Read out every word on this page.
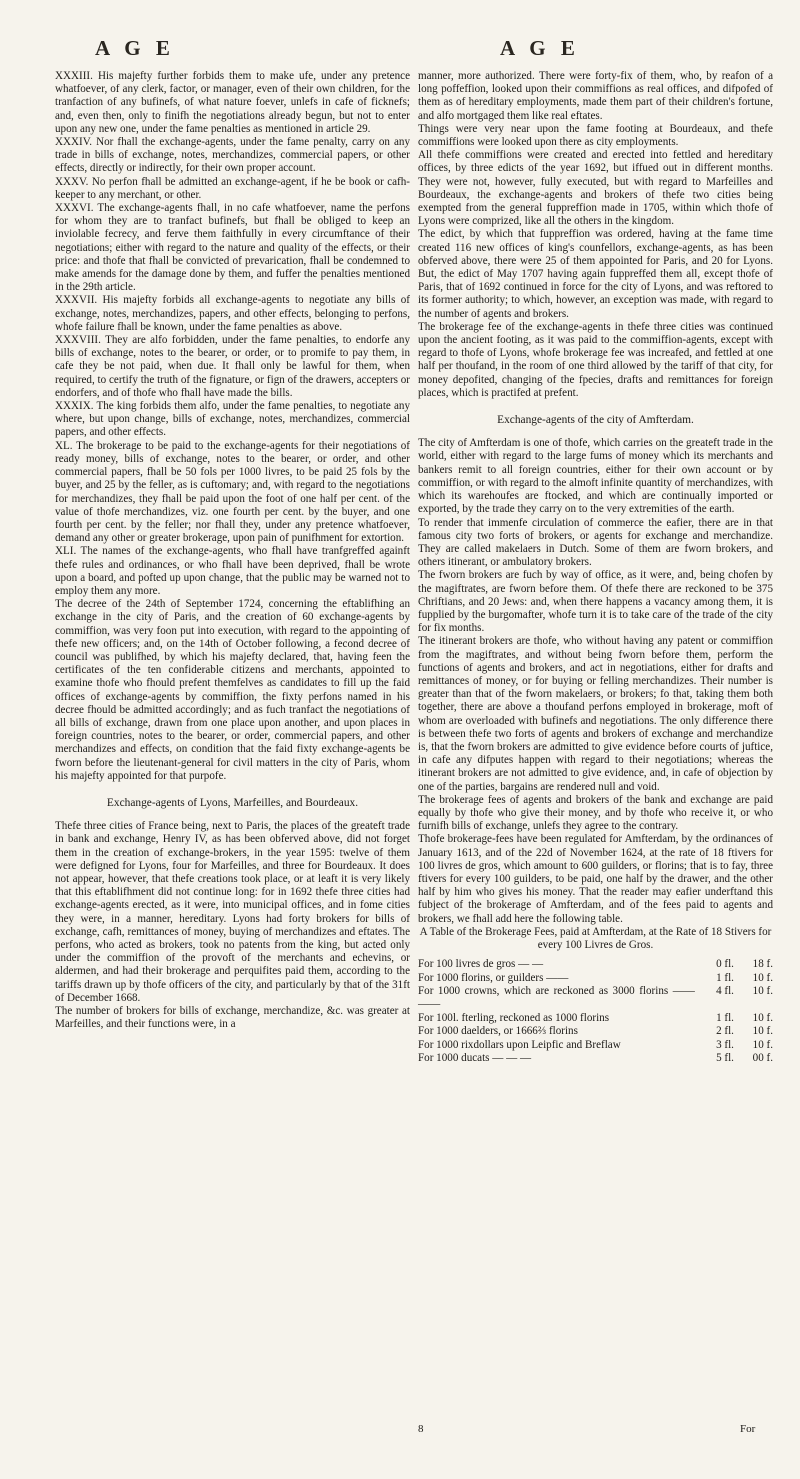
A G E	A G E

XXXIII. His majefty further forbids them to make ufe, under any pretence whatfoever, of any clerk, factor, or manager, even of their own children, for the tranfaction of any bufinefs, of what nature foever, unlefs in cafe of ficknefs; and, even then, only to finifh the negotiations already begun, but not to enter upon any new one, under the fame penalties as mentioned in article 29.

XXXIV. Nor fhall the exchange-agents, under the fame penalty, carry on any trade in bills of exchange, notes, merchandizes, commercial papers, or other effects, directly or indirectly, for their own proper account.

XXXV. No perfon fhall be admitted an exchange-agent, if he be book or cafh-keeper to any merchant, or other.

XXXVI. The exchange-agents fhall, in no cafe whatfoever, name the perfons for whom they are to tranfact bufinefs, but fhall be obliged to keep an inviolable fecrecy, and ferve them faithfully in every circumftance of their negotiations; either with regard to the nature and quality of the effects, or their price: and thofe that fhall be convicted of prevarication, fhall be condemned to make amends for the damage done by them, and fuffer the penalties mentioned in the 29th article.

XXXVII. His majefty forbids all exchange-agents to negotiate any bills of exchange, notes, merchandizes, papers, and other effects, belonging to perfons, whofe failure fhall be known, under the fame penalties as above.

XXXVIII. They are alfo forbidden, under the fame penalties, to endorfe any bills of exchange, notes to the bearer, or order, or to promife to pay them, in cafe they be not paid, when due. It fhall only be lawful for them, when required, to certify the truth of the fignature, or fign of the drawers, accepters or endorfers, and of thofe who fhall have made the bills.

XXXIX. The king forbids them alfo, under the fame penalties, to negotiate any where, but upon change, bills of exchange, notes, merchandizes, commercial papers, and other effects.

XL. The brokerage to be paid to the exchange-agents for their negotiations of ready money, bills of exchange, notes to the bearer, or order, and other commercial papers, fhall be 50 fols per 1000 livres, to be paid 25 fols by the buyer, and 25 by the feller, as is cuftomary; and, with regard to the negotiations for merchandizes, they fhall be paid upon the foot of one half per cent. of the value of thofe merchandizes, viz. one fourth per cent. by the buyer, and one fourth per cent. by the feller; nor fhall they, under any pretence whatfoever, demand any other or greater brokerage, upon pain of punifhment for extortion.

XLI. The names of the exchange-agents, who fhall have tranfgreffed againft thefe rules and ordinances, or who fhall have been deprived, fhall be wrote upon a board, and pofted up upon change, that the public may be warned not to employ them any more.

The decree of the 24th of September 1724, concerning the eftablifhing an exchange in the city of Paris, and the creation of 60 exchange-agents by commiffion, was very foon put into execution, with regard to the appointing of thefe new officers; and, on the 14th of October following, a fecond decree of council was publifhed, by which his majefty declared, that, having feen the certificates of the ten confiderable citizens and merchants, appointed to examine thofe who fhould prefent themfelves as candidates to fill up the faid offices of exchange-agents by commiffion, the fixty perfons named in his decree fhould be admitted accordingly; and as fuch tranfact the negotiations of all bills of exchange, drawn from one place upon another, and upon places in foreign countries, notes to the bearer, or order, commercial papers, and other merchandizes and effects, on condition that the faid fixty exchange-agents be fworn before the lieutenant-general for civil matters in the city of Paris, whom his majefty appointed for that purpofe.

Exchange-agents of Lyons, Marfeilles, and Bourdeaux.

Thefe three cities of France being, next to Paris, the places of the greateft trade in bank and exchange, Henry IV, as has been obferved above, did not forget them in the creation of exchange-brokers, in the year 1595: twelve of them were defigned for Lyons, four for Marfeilles, and three for Bourdeaux. It does not appear, however, that thefe creations took place, or at leaft it is very likely that this eftablifhment did not continue long: for in 1692 thefe three cities had exchange-agents erected, as it were, into municipal offices, and in fome cities they were, in a manner, hereditary. Lyons had forty brokers for bills of exchange, cafh, remittances of money, buying of merchandizes and eftates. The perfons, who acted as brokers, took no patents from the king, but acted only under the commiffion of the provoft of the merchants and echevins, or aldermen, and had their brokerage and perquifites paid them, according to the tariffs drawn up by thofe officers of the city, and particularly by that of the 31ft of December 1668.

The number of brokers for bills of exchange, merchandize, &c. was greater at Marfeilles, and their functions were, in a

manner, more authorized. There were forty-fix of them, who, by reafon of a long poffeffion, looked upon their commiffions as real offices, and difpofed of them as of hereditary employments, made them part of their children's fortune, and alfo mortgaged them like real eftates.

Things were very near upon the fame footing at Bourdeaux, and thefe commiffions were looked upon there as city employments.

All thefe commiffions were created and erected into fettled and hereditary offices, by three edicts of the year 1692, but iffued out in different months. They were not, however, fully executed, but with regard to Marfeilles and Bourdeaux, the exchange-agents and brokers of thefe two cities being exempted from the general fuppreffion made in 1705, within which thofe of Lyons were comprized, like all the others in the kingdom.

The edict, by which that fuppreffion was ordered, having at the fame time created 116 new offices of king's counfellors, exchange-agents, as has been obferved above, there were 25 of them appointed for Paris, and 20 for Lyons. But, the edict of May 1707 having again fuppreffed them all, except thofe of Paris, that of 1692 continued in force for the city of Lyons, and was reftored to its former authority; to which, however, an exception was made, with regard to the number of agents and brokers.

The brokerage fee of the exchange-agents in thefe three cities was continued upon the ancient footing, as it was paid to the commiffion-agents, except with regard to thofe of Lyons, whofe brokerage fee was increafed, and fettled at one half per thoufand, in the room of one third allowed by the tariff of that city, for money depofited, changing of the fpecies, drafts and remittances for foreign places, which is practifed at prefent.

Exchange-agents of the city of Amfterdam.

The city of Amfterdam is one of thofe, which carries on the greateft trade in the world, either with regard to the large fums of money which its merchants and bankers remit to all foreign countries, either for their own account or by commiffion, or with regard to the almoft infinite quantity of merchandizes, with which its warehoufes are ftocked, and which are continually imported or exported, by the trade they carry on to the very extremities of the earth.

To render that immenfe circulation of commerce the eafier, there are in that famous city two forts of brokers, or agents for exchange and merchandize. They are called makelaers in Dutch. Some of them are fworn brokers, and others itinerant, or ambulatory brokers.

The fworn brokers are fuch by way of office, as it were, and, being chofen by the magiftrates, are fworn before them. Of thefe there are reckoned to be 375 Chriftians, and 20 Jews: and, when there happens a vacancy among them, it is fupplied by the burgomafter, whofe turn it is to take care of the trade of the city for fix months.

The itinerant brokers are thofe, who without having any patent or commiffion from the magiftrates, and without being fworn before them, perform the functions of agents and brokers, and act in negotiations, either for drafts and remittances of money, or for buying or felling merchandizes. Their number is greater than that of the fworn makelaers, or brokers; fo that, taking them both together, there are above a thoufand perfons employed in brokerage, moft of whom are overloaded with bufinefs and negotiations. The only difference there is between thefe two forts of agents and brokers of exchange and merchandize is, that the fworn brokers are admitted to give evidence before courts of juftice, in cafe any difputes happen with regard to their negotiations; whereas the itinerant brokers are not admitted to give evidence, and, in cafe of objection by one of the parties, bargains are rendered null and void.

The brokerage fees of agents and brokers of the bank and exchange are paid equally by thofe who give their money, and by thofe who receive it, or who furnifh bills of exchange, unlefs they agree to the contrary.

Thofe brokerage-fees have been regulated for Amfterdam, by the ordinances of January 1613, and of the 22d of November 1624, at the rate of 18 ftivers for 100 livres de gros, which amount to 600 guilders, or florins; that is to fay, three ftivers for every 100 guilders, to be paid, one half by the drawer, and the other half by him who gives his money. That the reader may eafier underftand this fubject of the brokerage of Amfterdam, and of the fees paid to agents and brokers, we fhall add here the following table.

A Table of the Brokerage Fees, paid at Amfterdam, at the Rate of 18 Stivers for every 100 Livres de Gros.

For 100 livres de gros — —	0 fl.	18 f.
For 1000 florins, or guilders ——	1 fl.	10 f.
For 1000 crowns, which are reckoned as 3000 florins —— ——	4 fl.	10 f.
For 100l. fterling, reckoned as 1000 florins	1 fl.	10 f.
For 1000 daelders, or 1666⅔ florins	2 fl.	10 f.
For 1000 rixdollars upon Leipfic and Breflaw	3 fl.	10 f.
For 1000 ducats — — —	5 fl.	00 f.
8	For
